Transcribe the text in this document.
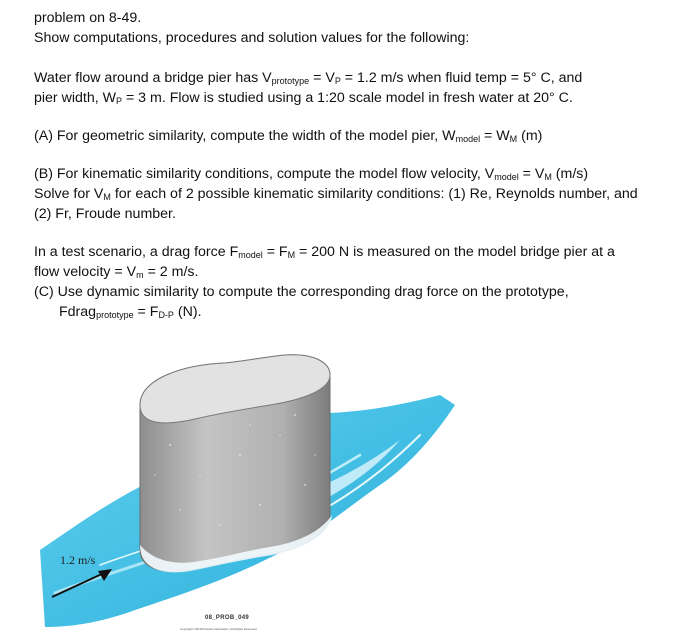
problem on 8-49.

Show computations, procedures and solution values for the following:

Water flow around a bridge pier has $V_{prototype} = V_P = 1.2$ m/s when fluid temp = 5° C, and

pier width, $W_P = 3$ m. Flow is studied using a 1:20 scale model in fresh water at 20° C.

(A) For geometric similarity, compute the width of the model pier, $W_{model} = W_M$ (m)

(B) For kinematic similarity conditions, compute the model flow velocity, $V_{model} = V_M$ (m/s)

Solve for $V_M$ for each of 2 possible kinematic similarity conditions: (1) Re, Reynolds number, and

(2) Fr, Froude number.

In a test scenario, a drag force $F_{model} = F_M = 200$ N is measured on the model bridge pier at a

flow velocity = $V_m = 2$ m/s.

(C) Use dynamic similarity to compute the corresponding drag force on the prototype,

Fdrag$_{prototype}$ = $F_{D-P}$ (N).

1.2 m/s
08_PROB_049
Copyright ©2018 Pearson Education, All Rights Reserved
